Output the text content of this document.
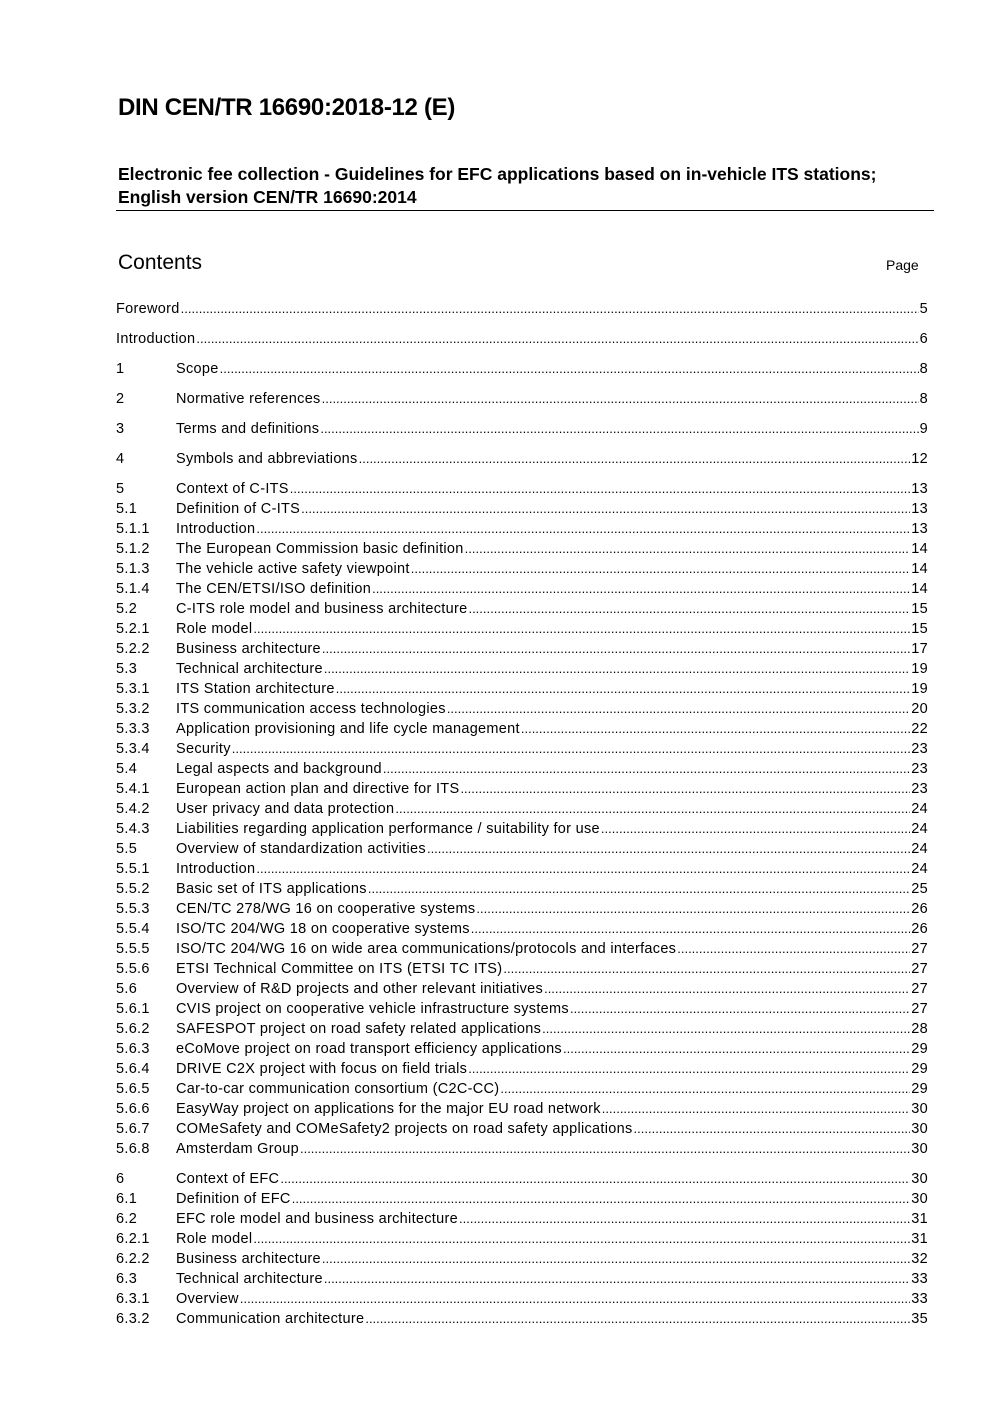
DIN CEN/TR 16690:2018-12 (E)
Electronic fee collection - Guidelines for EFC applications based on in-vehicle ITS stations; English version CEN/TR 16690:2014
Contents	Page
Foreword .....	5
Introduction .....	6
1	Scope .....	8
2	Normative references .....	8
3	Terms and definitions .....	9
4	Symbols and abbreviations .....	12
5	Context of C-ITS .....	13
5.1	Definition of C-ITS .....	13
5.1.1	Introduction .....	13
5.1.2	The European Commission basic definition .....	14
5.1.3	The vehicle active safety viewpoint .....	14
5.1.4	The CEN/ETSI/ISO definition .....	14
5.2	C-ITS role model and business architecture .....	15
5.2.1	Role model .....	15
5.2.2	Business architecture .....	17
5.3	Technical architecture .....	19
5.3.1	ITS Station architecture .....	19
5.3.2	ITS communication access technologies .....	20
5.3.3	Application provisioning and life cycle management .....	22
5.3.4	Security .....	23
5.4	Legal aspects and background .....	23
5.4.1	European action plan and directive for ITS .....	23
5.4.2	User privacy and data protection .....	24
5.4.3	Liabilities regarding application performance / suitability for use .....	24
5.5	Overview of standardization activities .....	24
5.5.1	Introduction .....	24
5.5.2	Basic set of ITS applications .....	25
5.5.3	CEN/TC 278/WG 16 on cooperative systems .....	26
5.5.4	ISO/TC 204/WG 18 on cooperative systems .....	26
5.5.5	ISO/TC 204/WG 16 on wide area communications/protocols and interfaces .....	27
5.5.6	ETSI Technical Committee on ITS (ETSI TC ITS) .....	27
5.6	Overview of R&D projects and other relevant initiatives .....	27
5.6.1	CVIS project on cooperative vehicle infrastructure systems .....	27
5.6.2	SAFESPOT project on road safety related applications .....	28
5.6.3	eCoMove project on road transport efficiency applications .....	29
5.6.4	DRIVE C2X project with focus on field trials .....	29
5.6.5	Car-to-car communication consortium (C2C-CC) .....	29
5.6.6	EasyWay project on applications for the major EU road network .....	30
5.6.7	COMeSafety and COMeSafety2 projects on road safety applications .....	30
5.6.8	Amsterdam Group .....	30
6	Context of EFC .....	30
6.1	Definition of EFC .....	30
6.2	EFC role model and business architecture .....	31
6.2.1	Role model .....	31
6.2.2	Business architecture .....	32
6.3	Technical architecture .....	33
6.3.1	Overview .....	33
6.3.2	Communication architecture .....	35
